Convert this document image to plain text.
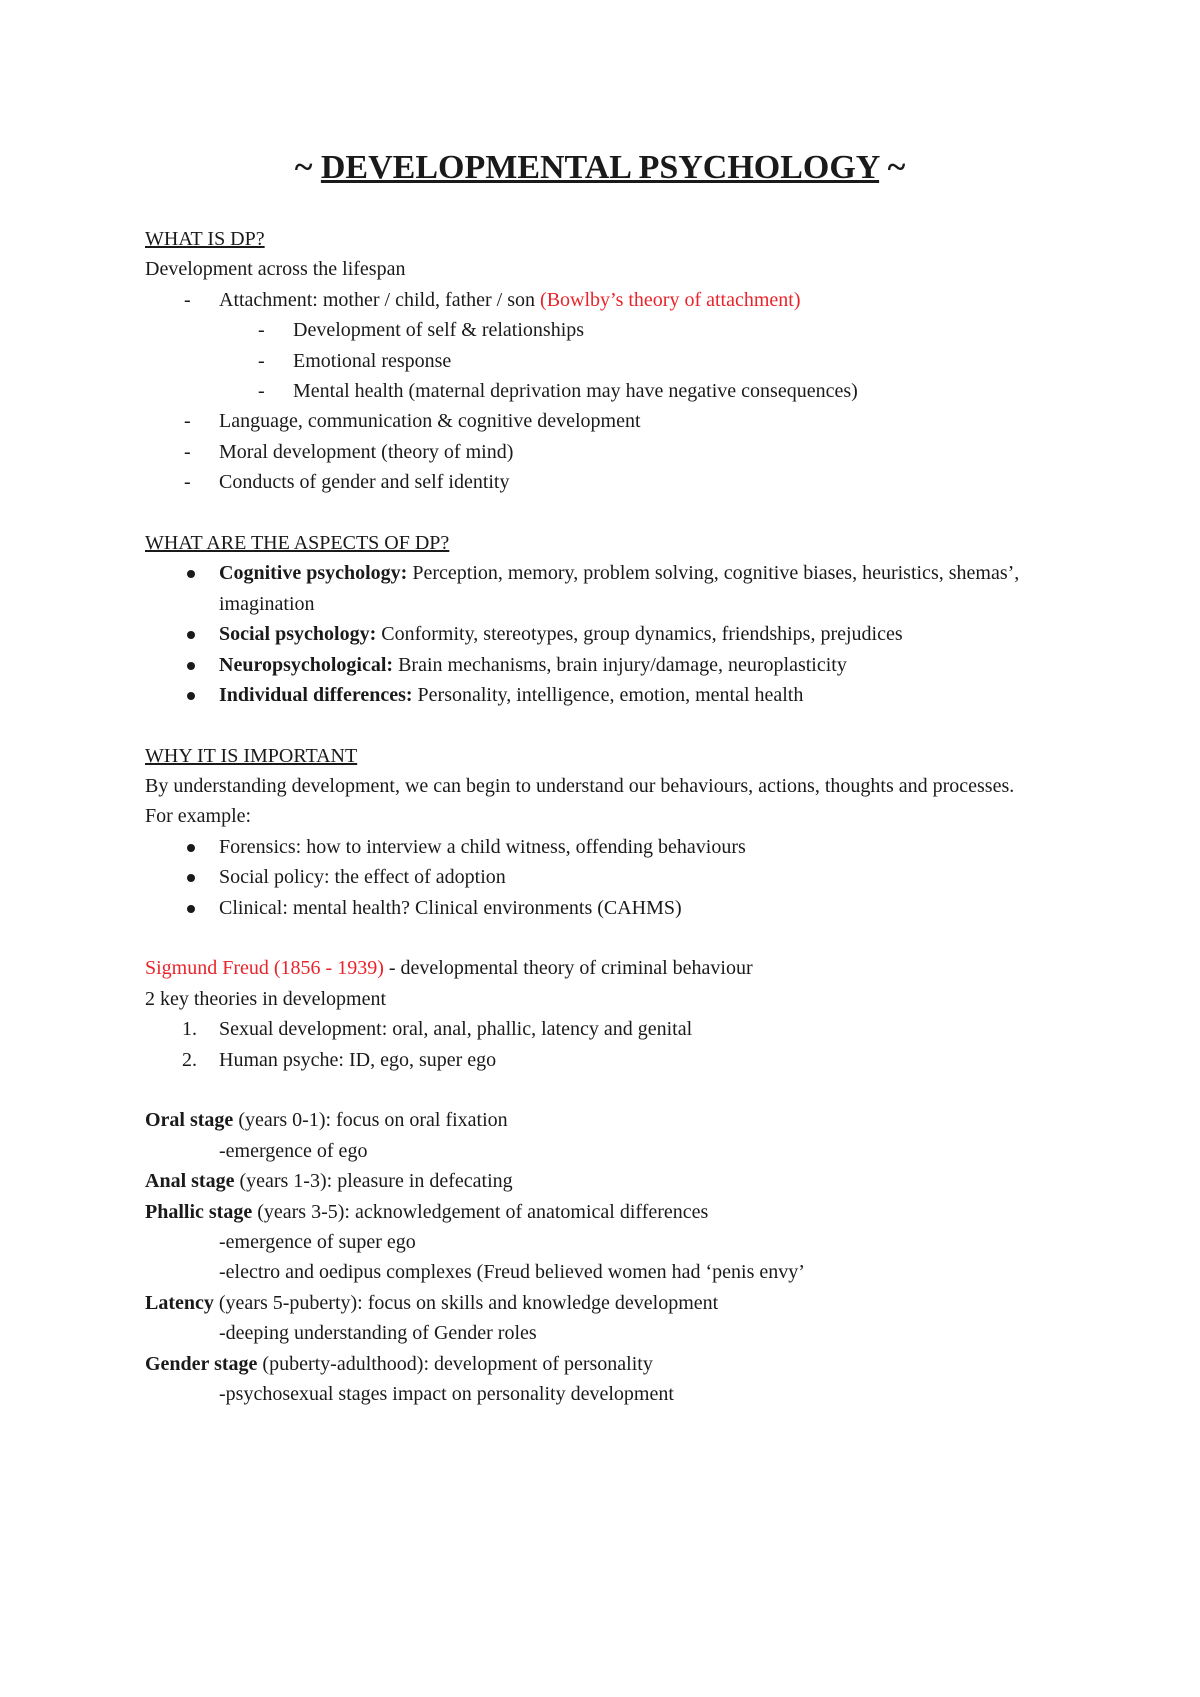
~ DEVELOPMENTAL PSYCHOLOGY ~
WHAT IS DP?
Development across the lifespan
- Attachment: mother / child, father / son (Bowlby’s theory of attachment)
- Development of self & relationships
- Emotional response
- Mental health (maternal deprivation may have negative consequences)
- Language, communication & cognitive development
- Moral development (theory of mind)
- Conducts of gender and self identity
WHAT ARE THE ASPECTS OF DP?
Cognitive psychology: Perception, memory, problem solving, cognitive biases, heuristics, shemas’, imagination
Social psychology: Conformity, stereotypes, group dynamics, friendships, prejudices
Neuropsychological: Brain mechanisms, brain injury/damage, neuroplasticity
Individual differences: Personality, intelligence, emotion, mental health
WHY IT IS IMPORTANT
By understanding development, we can begin to understand our behaviours, actions, thoughts and processes. For example:
Forensics: how to interview a child witness, offending behaviours
Social policy: the effect of adoption
Clinical: mental health? Clinical environments (CAHMS)
Sigmund Freud (1856 - 1939) - developmental theory of criminal behaviour
2 key theories in development
1. Sexual development: oral, anal, phallic, latency and genital
2. Human psyche: ID, ego, super ego
Oral stage (years 0-1): focus on oral fixation
-emergence of ego
Anal stage (years 1-3): pleasure in defecating
Phallic stage (years 3-5): acknowledgement of anatomical differences
-emergence of super ego
-electro and oedipus complexes (Freud believed women had ‘penis envy’
Latency (years 5-puberty): focus on skills and knowledge development
-deeping understanding of Gender roles
Gender stage (puberty-adulthood): development of personality
-psychosexual stages impact on personality development
